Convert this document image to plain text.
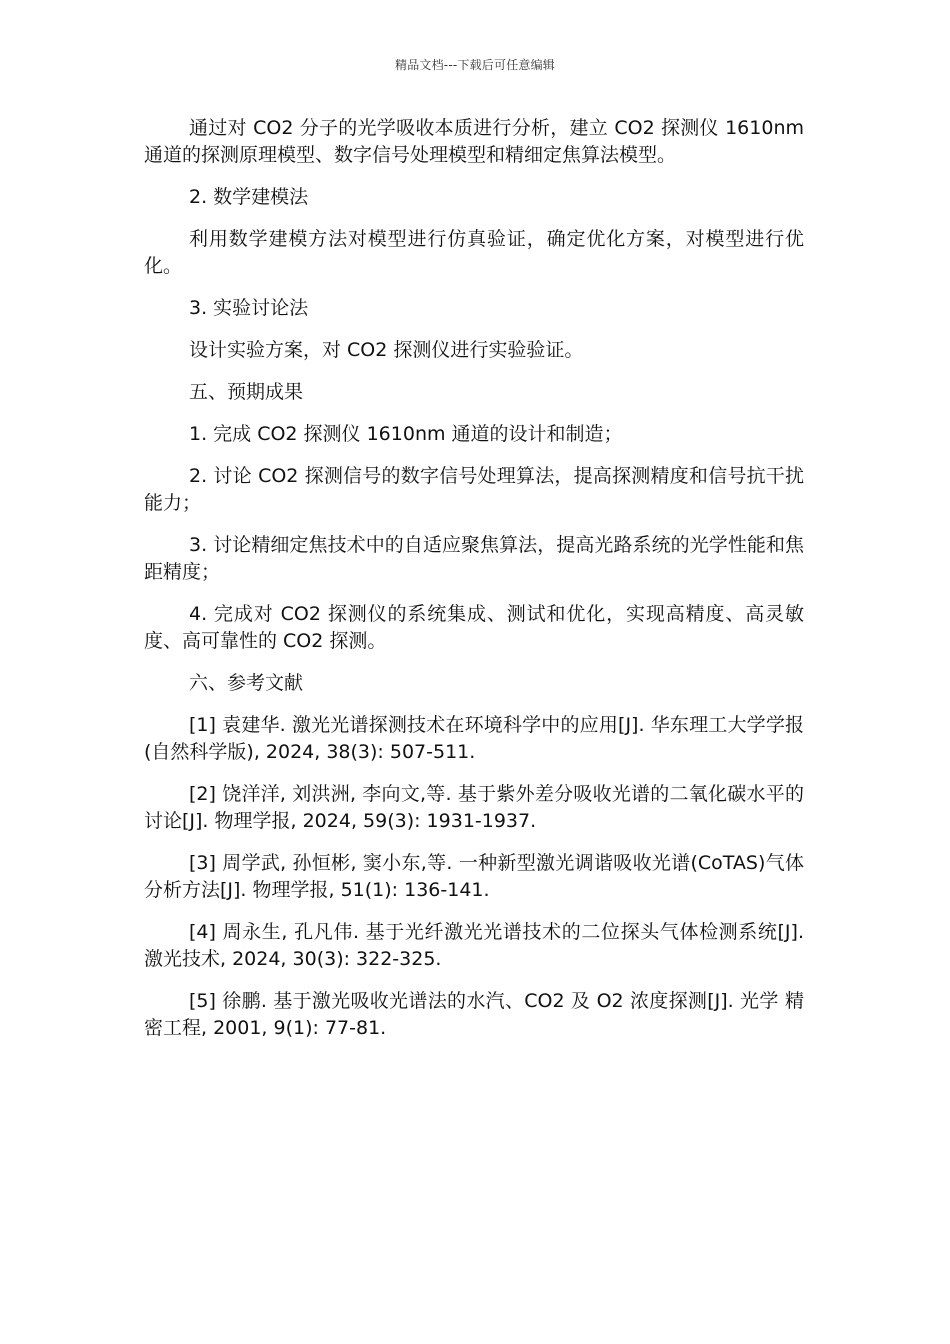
精品文档---下载后可任意编辑

通过对 CO2 分子的光学吸收本质进行分析，建立 CO2 探测仪 1610nm 通道的探测原理模型、数字信号处理模型和精细定焦算法模型。

2. 数学建模法

利用数学建模方法对模型进行仿真验证，确定优化方案，对模型进行优化。

3. 实验讨论法

设计实验方案，对 CO2 探测仪进行实验验证。

五、预期成果

1. 完成 CO2 探测仪 1610nm 通道的设计和制造；

2. 讨论 CO2 探测信号的数字信号处理算法，提高探测精度和信号抗干扰能力；

3. 讨论精细定焦技术中的自适应聚焦算法，提高光路系统的光学性能和焦距精度；

4. 完成对 CO2 探测仪的系统集成、测试和优化，实现高精度、高灵敏度、高可靠性的 CO2 探测。

六、参考文献

[1] 袁建华. 激光光谱探测技术在环境科学中的应用[J]. 华东理工大学学报(自然科学版), 2024, 38(3): 507-511.

[2] 饶洋洋, 刘洪洲, 李向文,等. 基于紫外差分吸收光谱的二氧化碳水平的讨论[J]. 物理学报, 2024, 59(3): 1931-1937.

[3] 周学武, 孙恒彬, 窦小东,等. 一种新型激光调谐吸收光谱(CoTAS)气体分析方法[J]. 物理学报, 51(1): 136-141.

[4] 周永生, 孔凡伟. 基于光纤激光光谱技术的二位探头气体检测系统[J]. 激光技术, 2024, 30(3): 322-325.

[5] 徐鹏. 基于激光吸收光谱法的水汽、CO2 及 O2 浓度探测[J]. 光学 精密工程, 2001, 9(1): 77-81.
